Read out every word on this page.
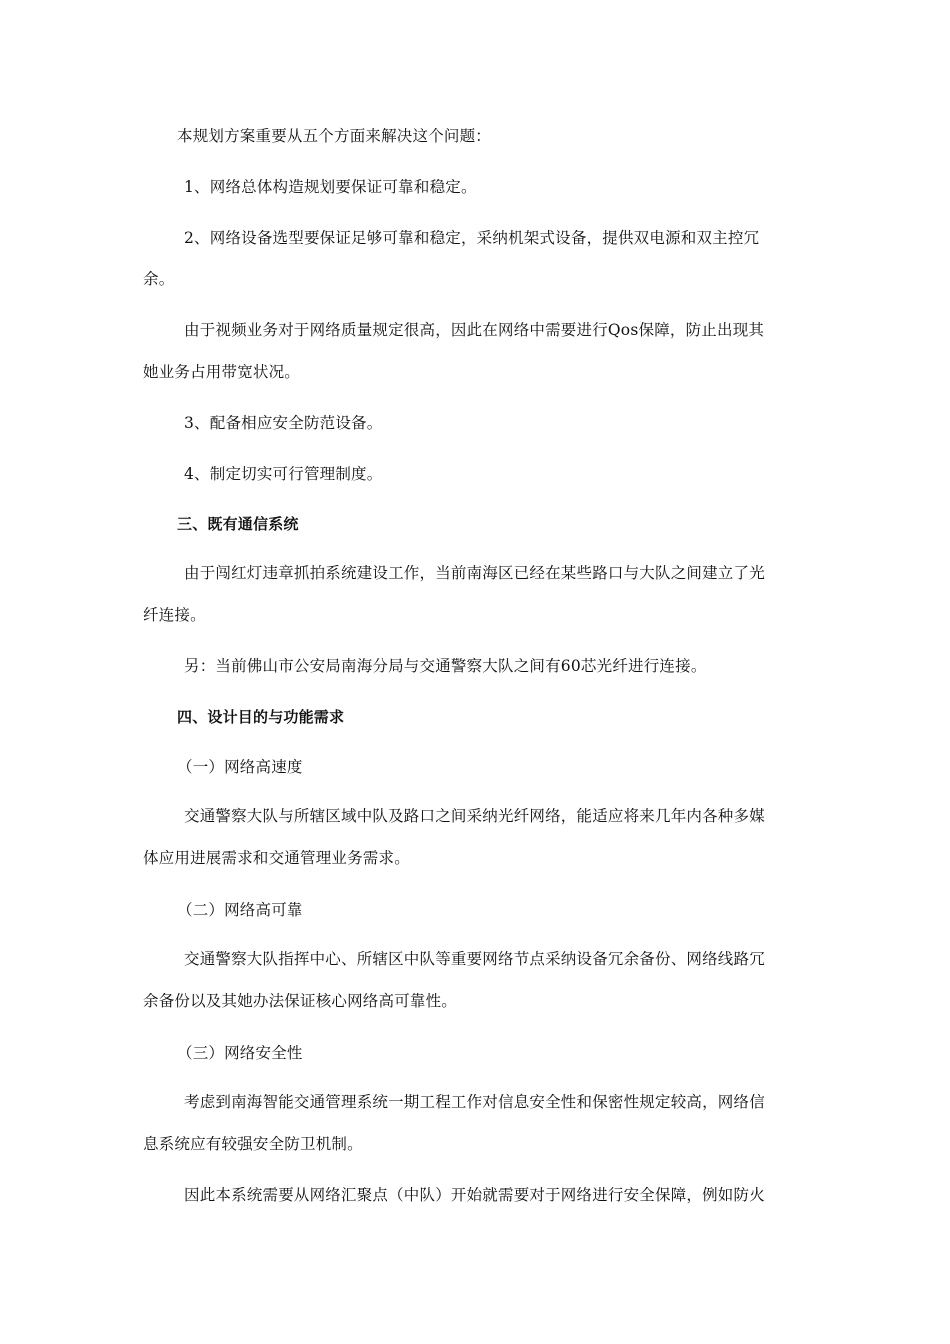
本规划方案重要从五个方面来解决这个问题：
1、网络总体构造规划要保证可靠和稳定。
2、网络设备选型要保证足够可靠和稳定，采纳机架式设备，提供双电源和双主控冗
余。
由于视频业务对于网络质量规定很高，因此在网络中需要进行Qos保障，防止出现其
她业务占用带宽状况。
3、配备相应安全防范设备。
4、制定切实可行管理制度。
三、既有通信系统
由于闯红灯违章抓拍系统建设工作，当前南海区已经在某些路口与大队之间建立了光
纤连接。
另：当前佛山市公安局南海分局与交通警察大队之间有60芯光纤进行连接。
四、设计目的与功能需求
（一）网络高速度
交通警察大队与所辖区域中队及路口之间采纳光纤网络，能适应将来几年内各种多媒
体应用进展需求和交通管理业务需求。
（二）网络高可靠
交通警察大队指挥中心、所辖区中队等重要网络节点采纳设备冗余备份、网络线路冗
余备份以及其她办法保证核心网络高可靠性。
（三）网络安全性
考虑到南海智能交通管理系统一期工程工作对信息安全性和保密性规定较高，网络信
息系统应有较强安全防卫机制。
因此本系统需要从网络汇聚点（中队）开始就需要对于网络进行安全保障，例如防火
